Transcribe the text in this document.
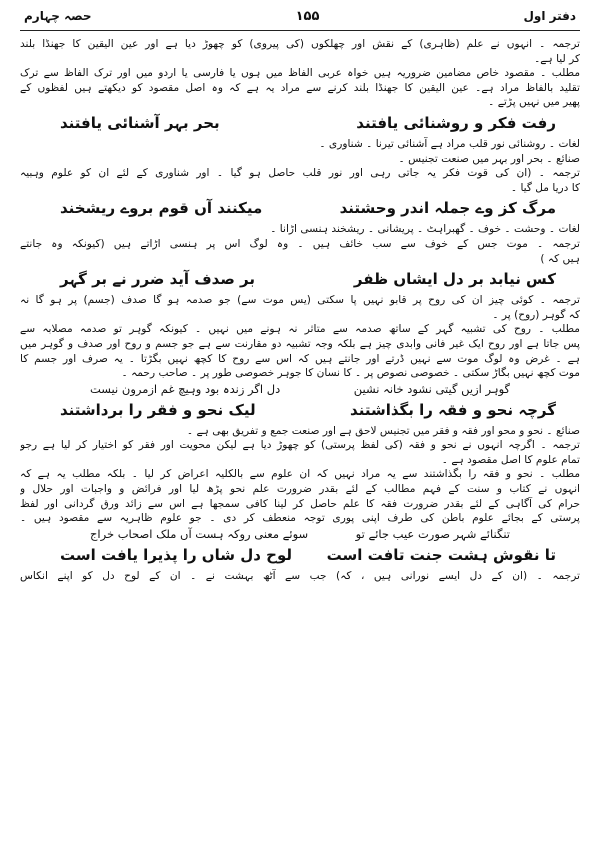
دفتر اول
۱۵۵
حصہ چہارم
ترجمہ ۔ انہوں نے علم (ظاہری) کے نقش اور چھلکوں (کی پیروی) کو چھوڑ دیا ہے اور عین الیقین کا جھنڈا بلند
کر لیا ہے۔
مطلب ۔ مقصود خاص مضامین ضروریہ ہیں خواہ عربی الفاظ میں ہوں یا فارسی یا اردو میں اور ترک الفاظ سے ترک
تقلید بالفاظ مراد ہے۔ عین الیقین کا جھنڈا بلند کرنے سے مراد یہ ہے کہ وہ اصل مقصود کو دیکھتے ہیں لفظوں کے
پھیر میں نہیں پڑتے ۔
رفت فکر و روشنائی یافتند
بحر بہر آشنائی یافتند
لغات ۔ روشنائی نور قلب مراد ہے آشنائی تیرنا ۔ شناوری ۔
صنائع ۔ بحر اور بہر میں صنعت تجنیس ۔
ترجمہ ۔ (ان کی قوت فکر یہ جاتی رہی اور نور قلب حاصل ہو گیا ۔ اور شناوری کے لئے ان کو علوم وہبیہ
کا دریا مل گیا ۔
مرگ کز وے جملہ اندر وحشتند
میکنند آں قوم بروے ریشخند
لغات ۔ وحشت ۔ خوف ۔ گھبراہٹ ۔ پریشانی ۔ ریشخند ہنسی اڑانا ۔
ترجمہ ۔ موت جس کے خوف سے سب خائف ہیں ۔ وہ لوگ اس پر ہنسی اڑاتے ہیں (کیونکہ وہ جانتے
ہیں کہ )
کس نیابد بر دل ایشاں ظفر
بر صدف آید ضرر نے بر گہر
ترجمہ ۔ کوئی چیز ان کی روح پر قابو نہیں پا سکتی (یس موت سے) جو صدمہ ہو گا صدف (جسم) پر ہو گا نہ
کہ گوہر (روح) پر ۔
مطلب ۔ روح کی تشبیہ گہر کے ساتھ صدمہ سے متاثر نہ ہونے میں نہیں ۔ کیونکہ گوہر تو صدمہ مصلابہ سے
پس جاتا ہے اور روح ایک غیر فانی وابدی چیز ہے بلکہ وجہ تشبیہ دو مقارنت سے ہے جو جسم و روح اور صدف و گوہر میں
ہے ۔ غرض وہ لوگ موت سے نہیں ڈرتے اور جانتے ہیں کہ اس سے روح کا کچھ نہیں بگڑتا ۔ یہ صرف اور جسم کا
موت کچھ نہیں بگاڑ سکتی ۔ خصوصی نصوص پر ۔ کا نسان کا جوہر خصوصی طور پر ۔ صاحب رحمہ ۔
گوہر ازیں گیتی نشود خانہ نشین
دل اگر زندہ بود وہیچ غم ازمرون نیست
گرچہ نحو و فقہ را بگذاشتند
لیک نحو و فقر را برداشتند
صنائع ۔ نحو و محو اور فقہ و فقر میں تجنیس لاحق ہے اور صنعت جمع و تفریق بھی ہے ۔
ترجمہ ۔ اگرچہ انہوں نے نحو و فقہ (کی لفظ پرستی) کو چھوڑ دیا ہے لیکن محویت اور فقر کو اختیار کر لیا ہے رجو
تمام علوم کا اصل مقصود ہے ۔
مطلب ۔ نحو و فقہ را بگذاشتند سے یہ مراد نہیں کہ ان علوم سے بالکلیہ اعراض کر لیا ۔ بلکہ مطلب یہ ہے کہ
انہوں نے کتاب و سنت کے فہم مطالب کے لئے بقدر ضرورت علم نحو پڑھ لیا اور فرائض و واجبات اور حلال و
حرام کی آگاہی کے لئے بقدر ضرورت فقہ کا علم حاصل کر لینا کافی سمجھا ہے اس سے زائد ورق گردانی اور لفظ
پرستی کے بجائے علوم باطن کی طرف اپنی پوری توجہ منعطف کر دی ۔ جو علوم ظاہریہ سے مقصود ہیں ۔
تنگنائے شہر صورت عیب جائے تو
سوئے معنی روکہ ہست آں ملک اصحاب خراج
تا نقوش ہشت جنت تافت است
لوح دل شاں را پذیرا یافت است
ترجمہ ۔ (ان کے دل ایسے نورانی ہیں ، کہ) جب سے آٹھ بہشت نے ۔ ان کے لوح دل کو اپنے انکاس
